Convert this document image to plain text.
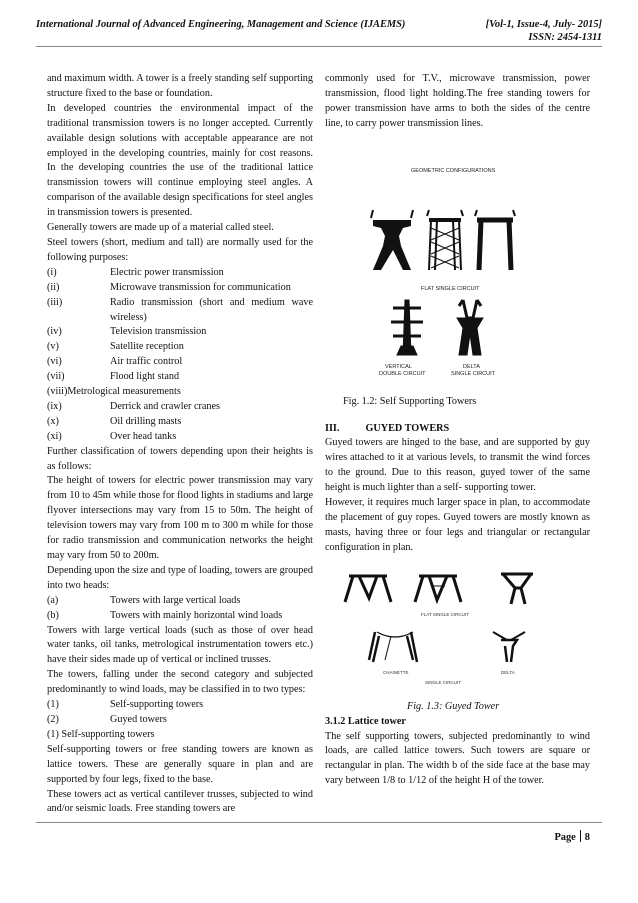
International Journal of Advanced Engineering, Management and Science (IJAEMS)	[Vol-1, Issue-4, July- 2015]
ISSN: 2454-1311

and maximum width. A tower is a freely standing self supporting structure fixed to the base or foundation.

In developed countries the environmental impact of the traditional transmission towers is no longer accepted. Currently available design solutions with acceptable appearance are not employed in the developing countries, mainly for cost reasons. In the developing countries the use of the traditional lattice transmission towers will continue employing steel angles. A comparison of the available design specifications for steel angles in transmission towers is presented.

Generally towers are made up of a material called steel.

Steel towers (short, medium and tall) are normally used for the following purposes:

(i)	Electric power transmission
(ii)	Microwave transmission for communication
(iii)	Radio transmission (short and medium wave wireless)
(iv)	Television transmission
(v)	Satellite reception
(vi)	Air traffic control
(vii)	Flood light stand
(viii) Metrological measurements
(ix)	Derrick and crawler cranes
(x)	Oil drilling masts
(xi)	Over head tanks

Further classification of towers depending upon their heights is as follows:

The height of towers for electric power transmission may vary from 10 to 45m while those for flood lights in stadiums and large flyover intersections may vary from 15 to 50m. The height of television towers may vary from 100 m to 300 m while for those for radio transmission and communication networks the height may vary from 50 to 200m.

Depending upon the size and type of loading, towers are grouped into two heads:

(a)	Towers with large vertical loads
(b)	Towers with mainly horizontal wind loads

Towers with large vertical loads (such as those of over head water tanks, oil tanks, metrological instrumentation towers etc.) have their sides made up of vertical or inclined trusses.

The towers, falling under the second category and subjected predominantly to wind loads, may be classified in to two types:

(1)	Self-supporting towers
(2)	Guyed towers

(1) Self-supporting towers

Self-supporting towers or free standing towers are known as lattice towers. These are generally square in plan and are supported by four legs, fixed to the base.

These towers act as vertical cantilever trusses, subjected to wind and/or seismic loads. Free standing towers are

commonly used for T.V., microwave transmission, power transmission, flood light holding.The free standing towers for power transmission have arms to both the sides of the centre line, to carry power transmission lines.

GEOMETRIC CONFIGURATIONS
FLAT SINGLE CIRCUIT
VERTICAL
DOUBLE CIRCUIT
DELTA
SINGLE CIRCUIT
Fig. 1.2: Self Supporting Towers

III.	GUYED TOWERS

Guyed towers are hinged to the base, and are supported by guy wires attached to it at various levels, to transmit the wind forces to the ground. Due to this reason, guyed tower of the same height is much lighter than a self- supporting tower.

However, it requires much larger space in plan, to accommodate the placement of guy ropes. Guyed towers are mostly known as masts, having three or four legs and triangular or rectangular configuration in plan.

FLAT SINGLE CIRCUIT
CHAINETTE	DELTA
SINGLE CIRCUIT
Fig. 1.3: Guyed Tower

3.1.2 Lattice tower

The self supporting towers, subjected predominantly to wind loads, are called lattice towers. Such towers are square or rectangular in plan. The width b of the side face at the base may vary between 1/8 to 1/12 of the height H of the tower.

Page 8
